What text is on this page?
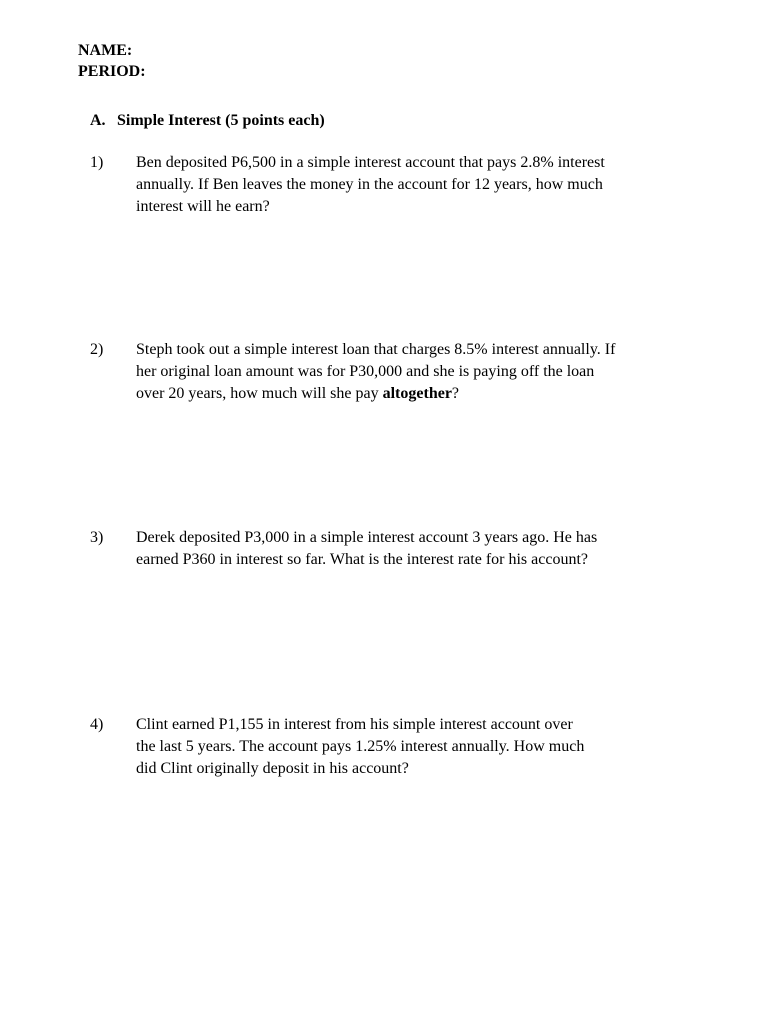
NAME:
PERIOD:
A. Simple Interest (5 points each)
1) Ben deposited P6,500 in a simple interest account that pays 2.8% interest
annually. If Ben leaves the money in the account for 12 years, how much
interest will he earn?
2) Steph took out a simple interest loan that charges 8.5% interest annually. If
her original loan amount was for P30,000 and she is paying off the loan
over 20 years, how much will she pay altogether?
3) Derek deposited P3,000 in a simple interest account 3 years ago. He has
earned P360 in interest so far. What is the interest rate for his account?
4) Clint earned P1,155 in interest from his simple interest account over
the last 5 years. The account pays 1.25% interest annually. How much
did Clint originally deposit in his account?
